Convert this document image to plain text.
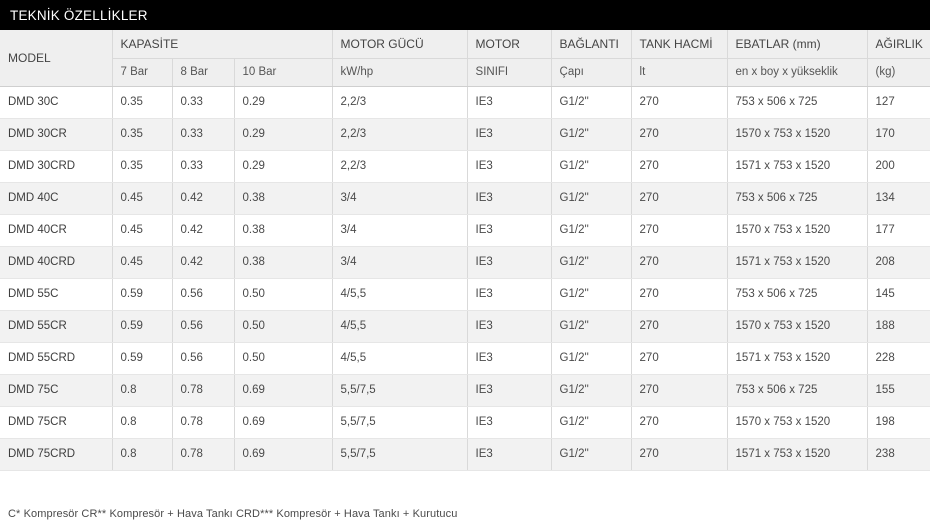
TEKNİK ÖZELLİKLER
MODEL	KAPASİTE			MOTOR GÜCÜ	MOTOR	BAĞLANTI	TANK HACMİ	EBATLAR (mm)	AĞIRLIK
	7 Bar	8 Bar	10 Bar	kW/hp	SINIFI	Çapı	lt	en x boy x yükseklik	(kg)
DMD 30C	0.35	0.33	0.29	2,2/3	IE3	G1/2''	270	753 x 506 x 725	127
DMD 30CR	0.35	0.33	0.29	2,2/3	IE3	G1/2''	270	1570 x 753 x 1520	170
DMD 30CRD	0.35	0.33	0.29	2,2/3	IE3	G1/2''	270	1571 x 753 x 1520	200
DMD 40C	0.45	0.42	0.38	3/4	IE3	G1/2''	270	753 x 506 x 725	134
DMD 40CR	0.45	0.42	0.38	3/4	IE3	G1/2''	270	1570 x 753 x 1520	177
DMD 40CRD	0.45	0.42	0.38	3/4	IE3	G1/2''	270	1571 x 753 x 1520	208
DMD 55C	0.59	0.56	0.50	4/5,5	IE3	G1/2''	270	753 x 506 x 725	145
DMD 55CR	0.59	0.56	0.50	4/5,5	IE3	G1/2''	270	1570 x 753 x 1520	188
DMD 55CRD	0.59	0.56	0.50	4/5,5	IE3	G1/2''	270	1571 x 753 x 1520	228
DMD 75C	0.8	0.78	0.69	5,5/7,5	IE3	G1/2''	270	753 x 506 x 725	155
DMD 75CR	0.8	0.78	0.69	5,5/7,5	IE3	G1/2''	270	1570 x 753 x 1520	198
DMD 75CRD	0.8	0.78	0.69	5,5/7,5	IE3	G1/2''	270	1571 x 753 x 1520	238
C* Kompresör CR** Kompresör + Hava Tankı CRD*** Kompresör + Hava Tankı + Kurutucu
